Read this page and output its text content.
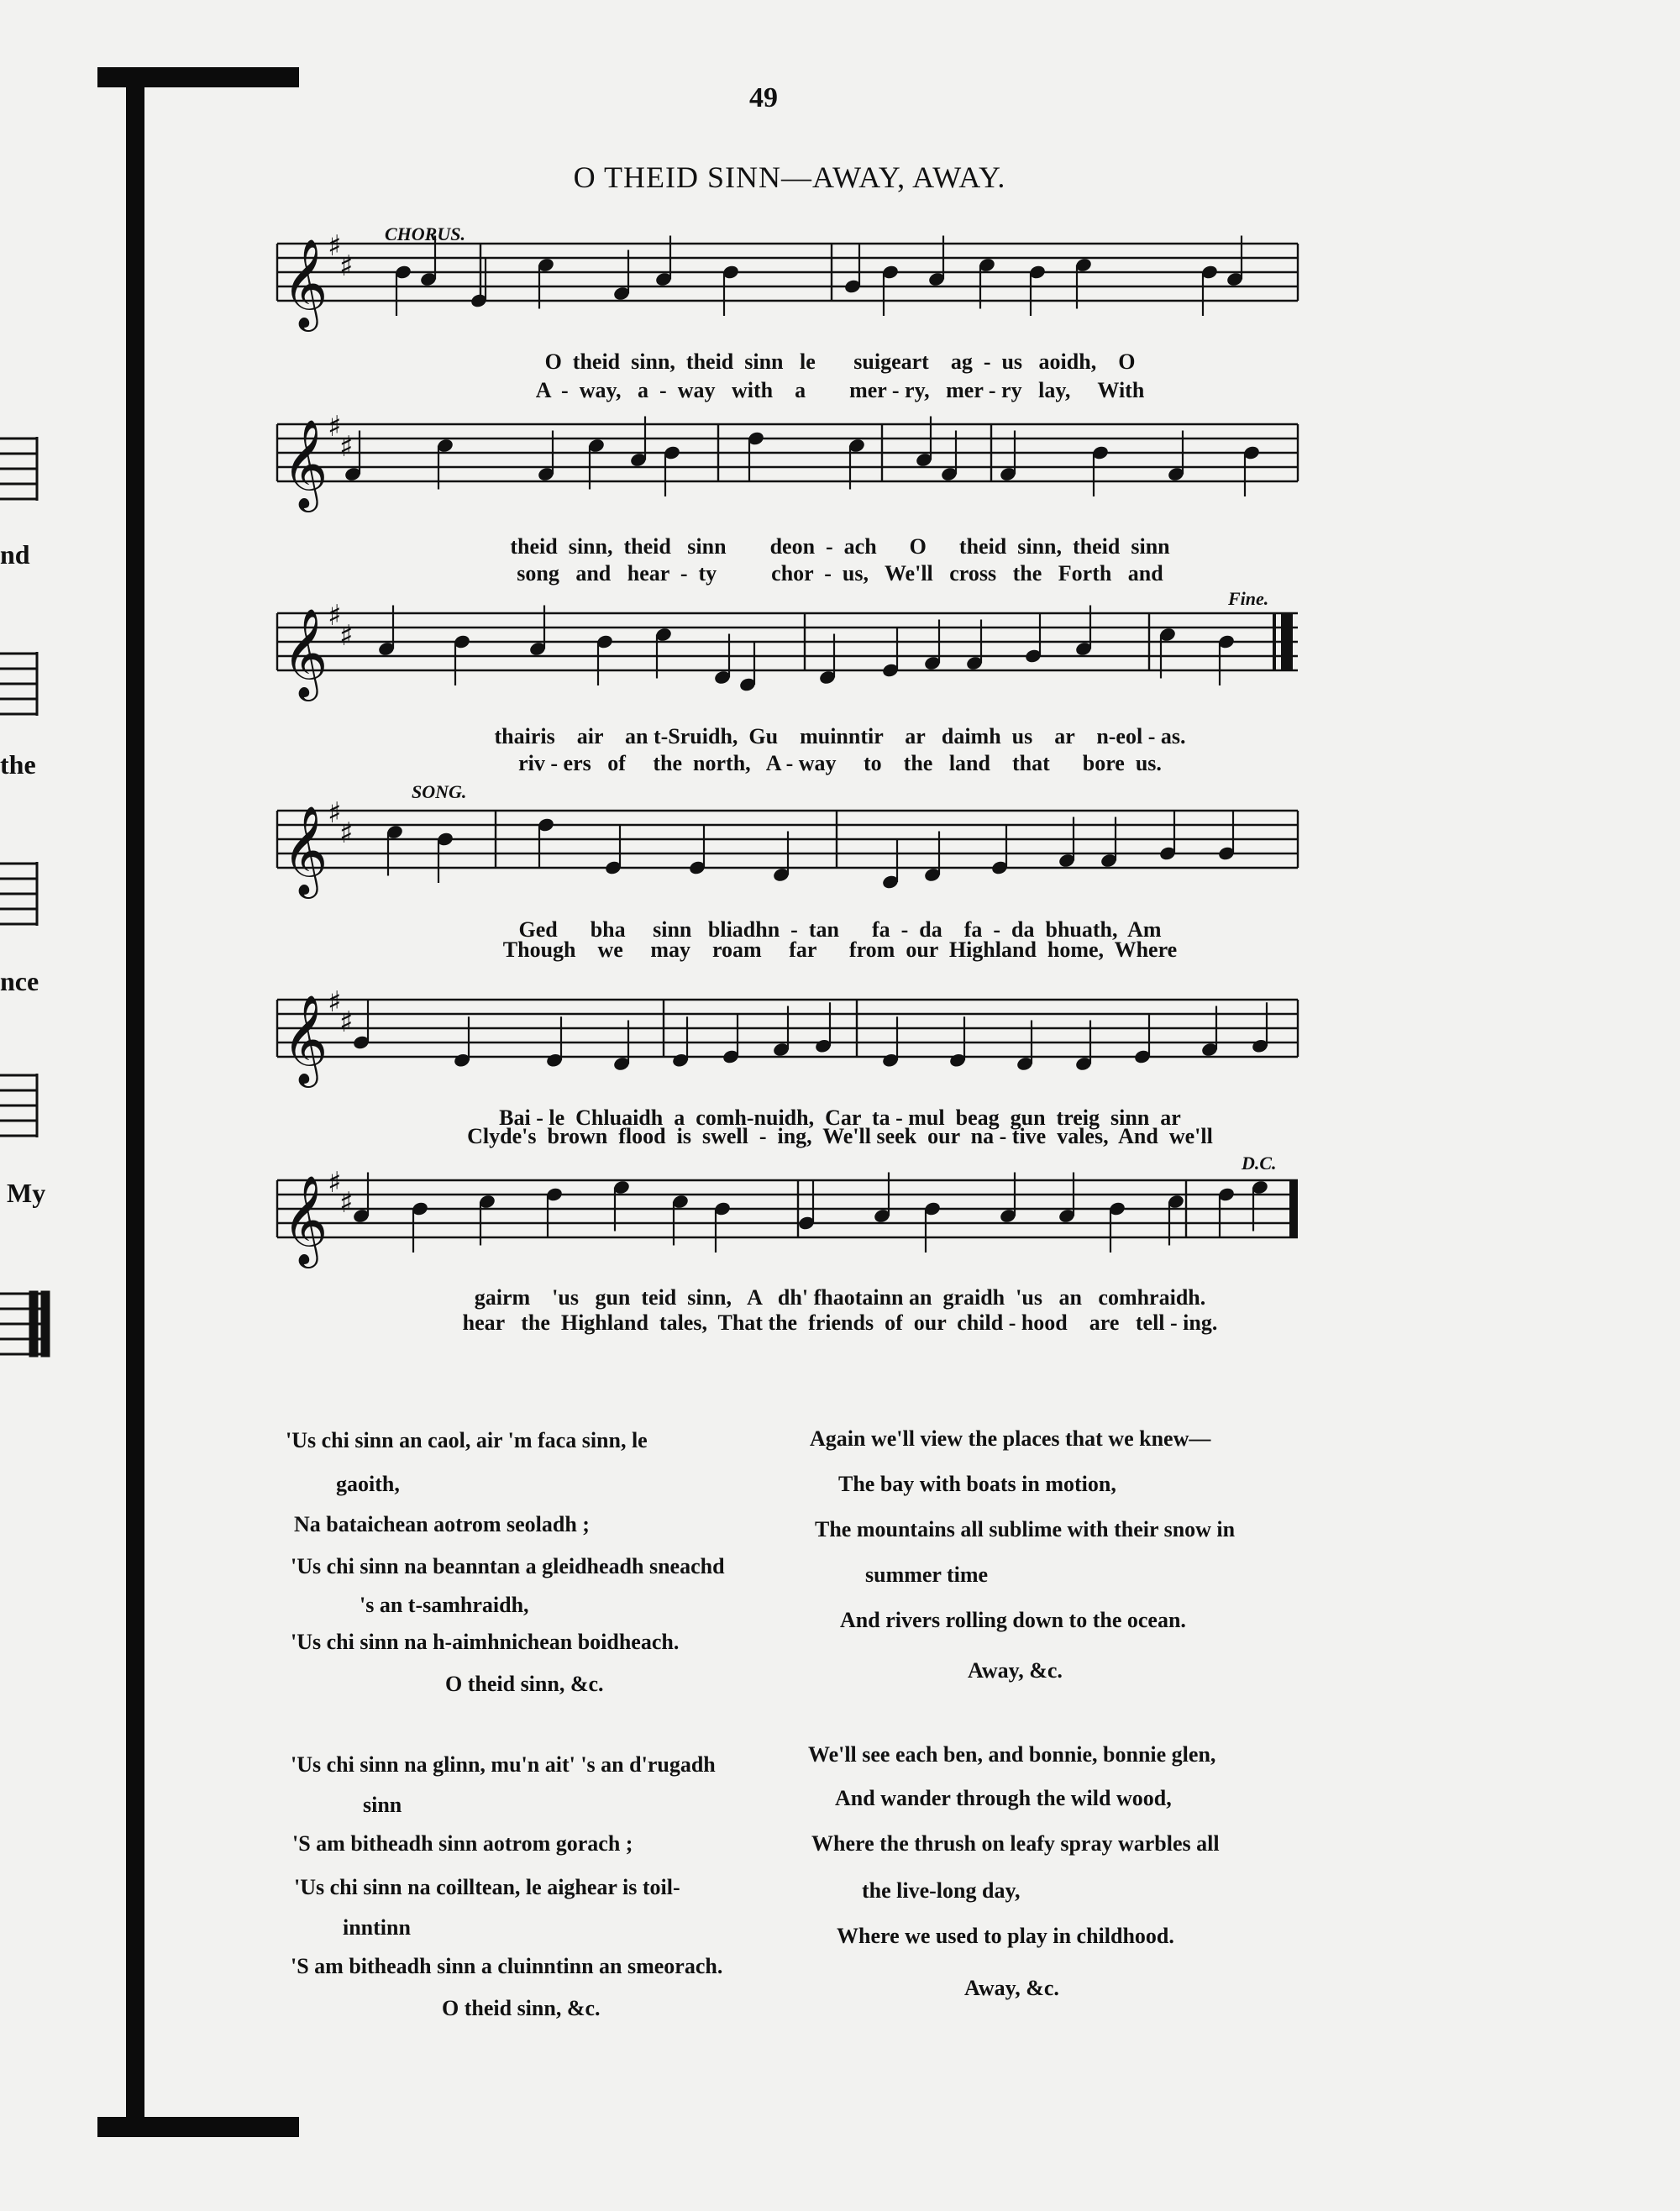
nd
the
nce
My
49
O THEID SINN—AWAY, AWAY.
CHORUS.
Fine.
SONG.
D.C.
𝄞 ♯
♯
𝄞 ♯
♯
𝄞 ♯
♯
𝄞 ♯
♯
𝄞 ♯
♯
𝄞 ♯
♯
O  theid  sinn,  theid  sinn   le       suigeart    ag  -  us   aoidh,    O
A  -  way,   a  -  way   with    a        mer - ry,   mer - ry   lay,     With
theid  sinn,  theid   sinn        deon  -  ach      O      theid  sinn,  theid  sinn
song   and   hear  -  ty          chor  -  us,   We'll   cross   the   Forth   and
thairis    air    an t-Sruidh,  Gu    muinntir    ar   daimh  us    ar    n-eol - as.
riv - ers   of     the  north,   A - way     to    the   land    that      bore  us.
Ged      bha     sinn   bliadhn  -  tan      fa  -  da    fa  -  da  bhuath,  Am
Though    we     may    roam     far      from  our  Highland  home,  Where
Bai - le  Chluaidh  a  comh-nuidh,  Car  ta - mul  beag  gun  treig  sinn  ar
Clyde's  brown  flood  is  swell  -  ing,  We'll seek  our  na - tive  vales,  And  we'll
gairm    'us   gun  teid  sinn,   A   dh' fhaotainn an  graidh  'us   an   comhraidh.
hear   the  Highland  tales,  That the  friends  of  our  child - hood    are   tell - ing.
'Us chi sinn an caol, air 'm faca sinn, le
gaoith,
Na bataichean aotrom seoladh ;
'Us chi sinn na beanntan a gleidheadh sneachd
's an t-samhraidh,
'Us chi sinn na h-aimhnichean boidheach.
O theid sinn, &c.
'Us chi sinn na glinn, mu'n ait' 's an d'rugadh
sinn
'S am bitheadh sinn aotrom gorach ;
'Us chi sinn na coilltean, le aighear is toil-
inntinn
'S am bitheadh sinn a cluinntinn an smeorach.
O theid sinn, &c.
Again we'll view the places that we knew—
The bay with boats in motion,
The mountains all sublime with their snow in
summer time
And rivers rolling down to the ocean.
Away, &c.
We'll see each ben, and bonnie, bonnie glen,
And wander through the wild wood,
Where the thrush on leafy spray warbles all
the live-long day,
Where we used to play in childhood.
Away, &c.
